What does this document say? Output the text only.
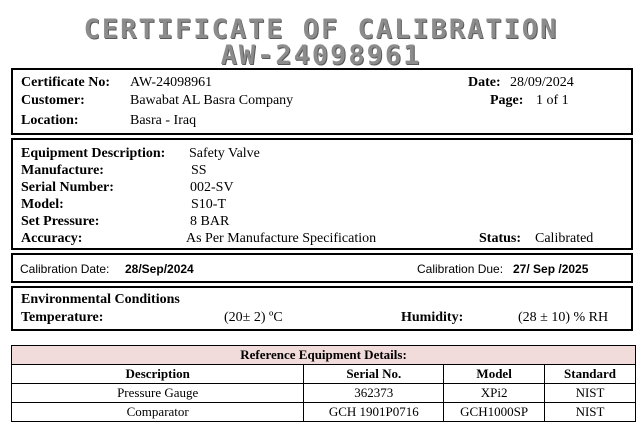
CERTIFICATE OF CALIBRATION
AW-24098961
Certificate No: AW-24098961
Customer:	Bawabat AL Basra Company
Location:	Basra - Iraq
Date: 28/09/2024
Page: 1 of 1
Equipment Description: Safety Valve
Manufacture:	SS
Serial Number:	002-SV
Model:	S10-T
Set Pressure:	8 BAR
Accuracy:	As Per Manufacture Specification	Status: Calibrated
Calibration Date: 28/Sep/2024	Calibration Due: 27/ Sep /2025
Environmental Conditions
Temperature:	(20± 2) ºC	Humidity:	(28 ± 10) % RH
Reference Equipment Details:			
Description	Serial No.	Model	Standard
Pressure Gauge	362373	XPi2	NIST
Comparator	GCH 1901P0716	GCH1000SP	NIST
